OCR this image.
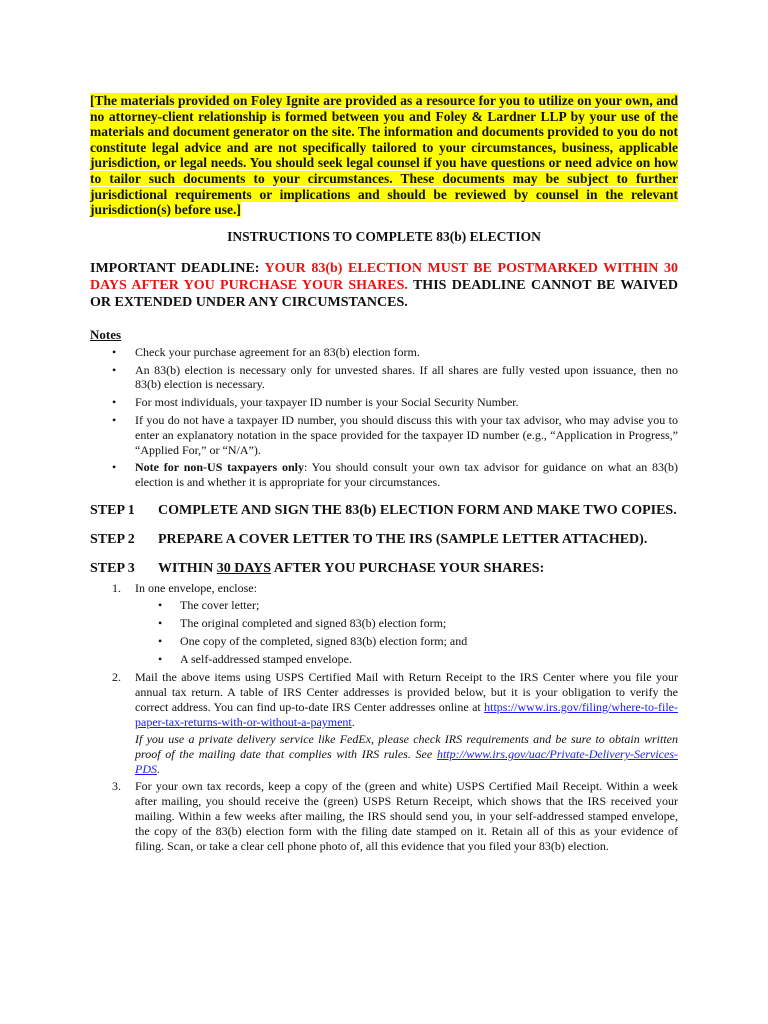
[The materials provided on Foley Ignite are provided as a resource for you to utilize on your own, and no attorney-client relationship is formed between you and Foley & Lardner LLP by your use of the materials and document generator on the site. The information and documents provided to you do not constitute legal advice and are not specifically tailored to your circumstances, business, applicable jurisdiction, or legal needs. You should seek legal counsel if you have questions or need advice on how to tailor such documents to your circumstances. These documents may be subject to further jurisdictional requirements or implications and should be reviewed by counsel in the relevant jurisdiction(s) before use.]

INSTRUCTIONS TO COMPLETE 83(b) ELECTION

IMPORTANT DEADLINE: YOUR 83(b) ELECTION MUST BE POSTMARKED WITHIN 30 DAYS AFTER YOU PURCHASE YOUR SHARES. THIS DEADLINE CANNOT BE WAIVED OR EXTENDED UNDER ANY CIRCUMSTANCES.

Notes

• Check your purchase agreement for an 83(b) election form.
• An 83(b) election is necessary only for unvested shares. If all shares are fully vested upon issuance, then no 83(b) election is necessary.
• For most individuals, your taxpayer ID number is your Social Security Number.
• If you do not have a taxpayer ID number, you should discuss this with your tax advisor, who may advise you to enter an explanatory notation in the space provided for the taxpayer ID number (e.g., “Application in Progress,” “Applied For,” or “N/A”).
• Note for non-US taxpayers only: You should consult your own tax advisor for guidance on what an 83(b) election is and whether it is appropriate for your circumstances.
STEP 1	COMPLETE AND SIGN THE 83(b) ELECTION FORM AND MAKE TWO COPIES.
STEP 2	PREPARE A COVER LETTER TO THE IRS (SAMPLE LETTER ATTACHED).
STEP 3	WITHIN 30 DAYS AFTER YOU PURCHASE YOUR SHARES:
1. In one envelope, enclose:
• The cover letter;
• The original completed and signed 83(b) election form;
• One copy of the completed, signed 83(b) election form; and
• A self-addressed stamped envelope.
2. Mail the above items using USPS Certified Mail with Return Receipt to the IRS Center where you file your annual tax return. A table of IRS Center addresses is provided below, but it is your obligation to verify the correct address. You can find up-to-date IRS Center addresses online at https://www.irs.gov/filing/where-to-file-paper-tax-returns-with-or-without-a-payment.

If you use a private delivery service like FedEx, please check IRS requirements and be sure to obtain written proof of the mailing date that complies with IRS rules. See http://www.irs.gov/uac/Private-Delivery-Services-PDS.

3. For your own tax records, keep a copy of the (green and white) USPS Certified Mail Receipt. Within a week after mailing, you should receive the (green) USPS Return Receipt, which shows that the IRS received your mailing. Within a few weeks after mailing, the IRS should send you, in your self-addressed stamped envelope, the copy of the 83(b) election form with the filing date stamped on it. Retain all of this as your evidence of filing. Scan, or take a clear cell phone photo of, all this evidence that you filed your 83(b) election.
